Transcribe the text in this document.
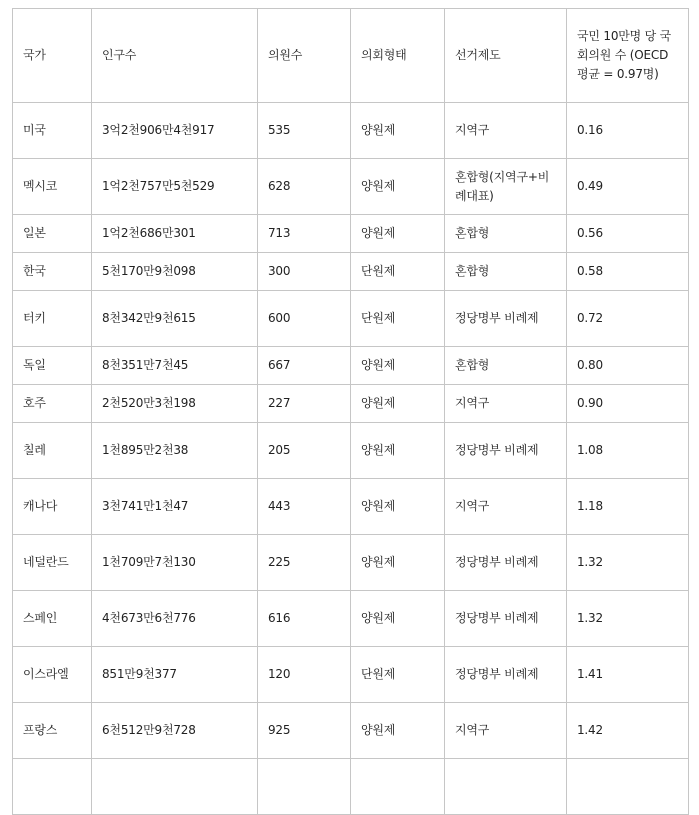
국가	인구수	의원수	의회형태	선거제도	국민 10만명 당 국회의원 수 (OECD 평균 = 0.97명)
미국	3억2천906만4천917	535	양원제	지역구	0.16
멕시코	1억2천757만5천529	628	양원제	혼합형(지역구+비례대표)	0.49
일본	1억2천686만301	713	양원제	혼합형	0.56
한국	5천170만9천098	300	단원제	혼합형	0.58
터키	8천342만9천615	600	단원제	정당명부 비례제	0.72
독일	8천351만7천45	667	양원제	혼합형	0.80
호주	2천520만3천198	227	양원제	지역구	0.90
칠레	1천895만2천38	205	양원제	정당명부 비례제	1.08
캐나다	3천741만1천47	443	양원제	지역구	1.18
네덜란드	1천709만7천130	225	양원제	정당명부 비례제	1.32
스페인	4천673만6천776	616	양원제	정당명부 비례제	1.32
이스라엘	851만9천377	120	단원제	정당명부 비례제	1.41
프랑스	6천512만9천728	925	양원제	지역구	1.42
